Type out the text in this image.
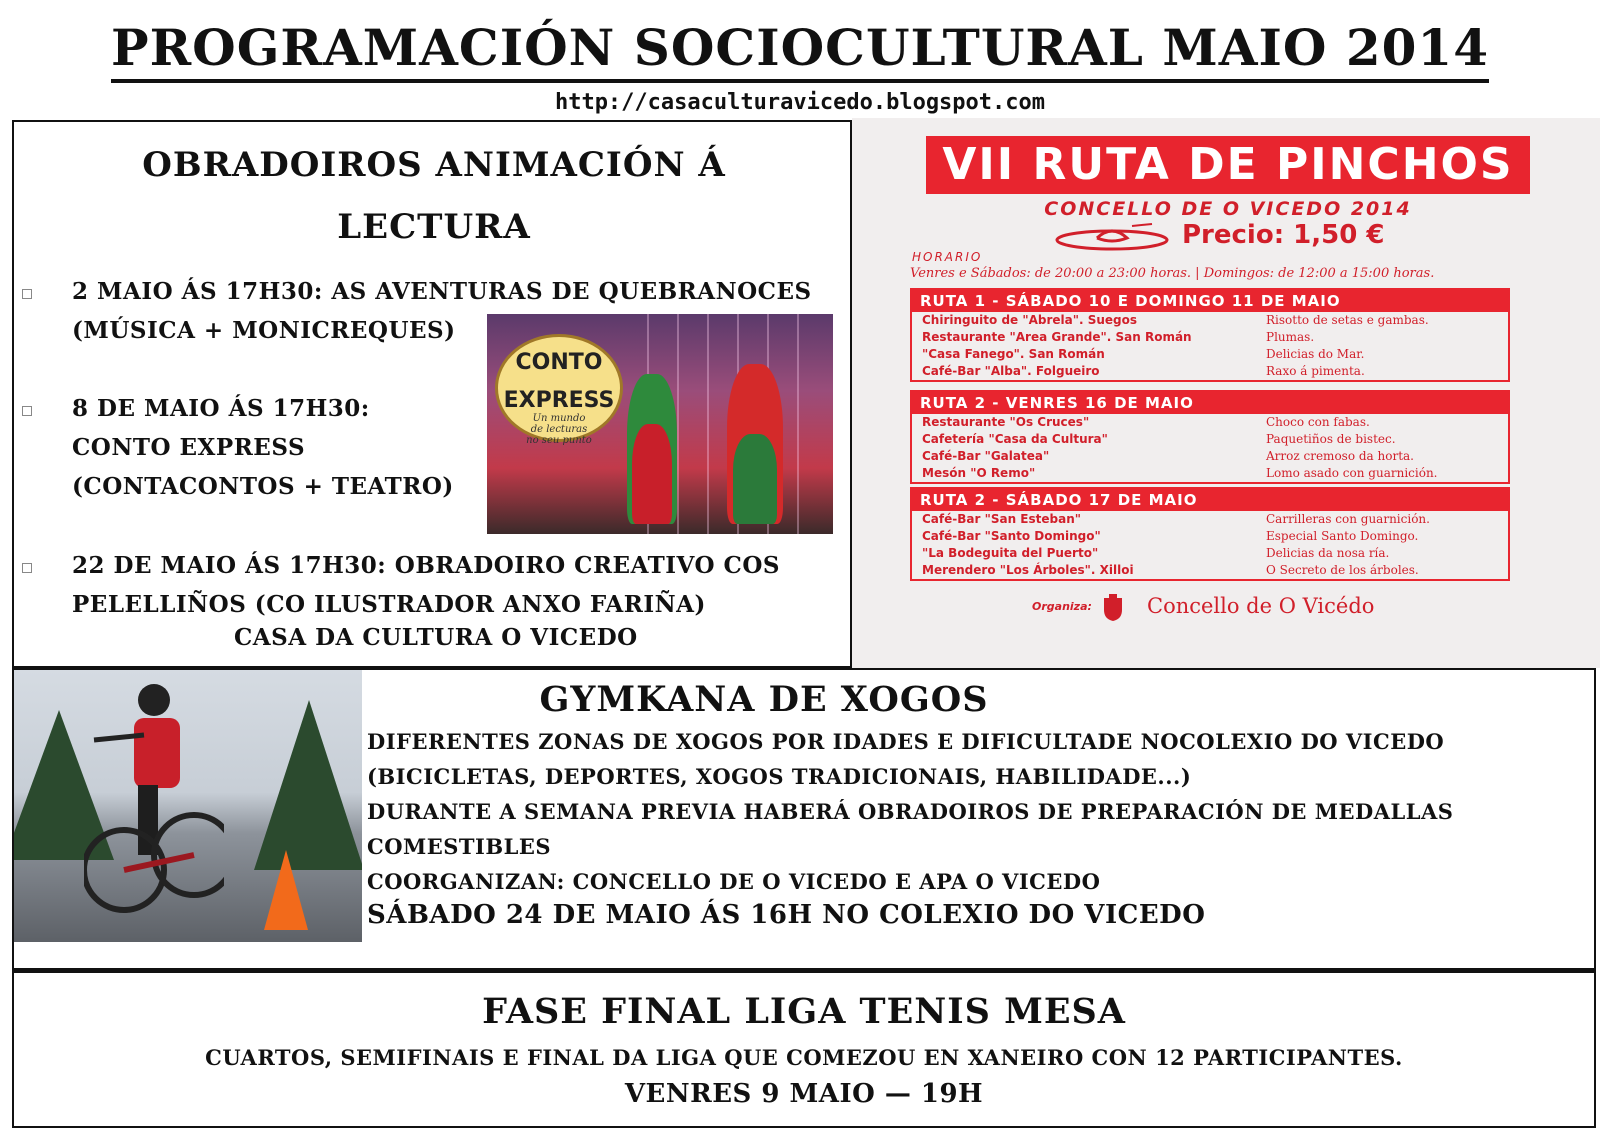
PROGRAMACIÓN SOCIOCULTURAL MAIO 2014
http://casaculturavicedo.blogspot.com
OBRADOIROS ANIMACIÓN Á
LECTURA
2 MAIO ÁS 17H30: AS AVENTURAS DE QUEBRANOCES
(MÚSICA + MONICREQUES)
8 DE MAIO ÁS 17H30:
CONTO EXPRESS
(CONTACONTOS + TEATRO)
22 DE MAIO ÁS 17H30: OBRADOIRO CREATIVO COS
PELELLIÑOS (CO ILUSTRADOR ANXO FARIÑA)
CASA DA CULTURA O VICEDO
CONTO
EXPRESS
Un mundo
de lecturas
no seu punto
VII RUTA DE PINCHOS
CONCELLO DE O VICEDO 2014
Precio: 1,50 €
HORARIO
Venres e Sábados: de 20:00 a 23:00 horas. | Domingos: de 12:00 a 15:00 horas.
RUTA 1 - SÁBADO 10 E DOMINGO 11 DE MAIO
Chiringuito de "Abrela". Suegos	Risotto de setas e gambas.
Restaurante "Area Grande". San Román	Plumas.
"Casa Fanego". San Román	Delicias do Mar.
Café-Bar "Alba". Folgueiro	Raxo á pimenta.
RUTA 2 - VENRES 16 DE MAIO
Restaurante "Os Cruces"	Choco con fabas.
Cafetería "Casa da Cultura"	Paquetiños de bistec.
Café-Bar "Galatea"	Arroz cremoso da horta.
Mesón "O Remo"	Lomo asado con guarnición.
RUTA 2 - SÁBADO 17 DE MAIO
Café-Bar "San Esteban"	Carrilleras con guarnición.
Café-Bar "Santo Domingo"	Especial Santo Domingo.
"La Bodeguita del Puerto"	Delicias da nosa ría.
Merendero "Los Árboles". Xilloi	O Secreto de los árboles.
Organiza:	Concello de O Vicédo
GYMKANA DE XOGOS
DIFERENTES ZONAS DE XOGOS POR IDADES E DIFICULTADE NOCOLEXIO DO VICEDO
(BICICLETAS, DEPORTES, XOGOS TRADICIONAIS, HABILIDADE...)
DURANTE A SEMANA PREVIA HABERÁ OBRADOIROS DE PREPARACIÓN DE MEDALLAS
COMESTIBLES
COORGANIZAN: CONCELLO DE O VICEDO E APA O VICEDO
SÁBADO 24 DE MAIO ÁS 16H NO COLEXIO DO VICEDO
FASE FINAL LIGA TENIS MESA
CUARTOS, SEMIFINAIS E FINAL DA LIGA QUE COMEZOU EN XANEIRO CON 12 PARTICIPANTES.
VENRES 9 MAIO — 19H
